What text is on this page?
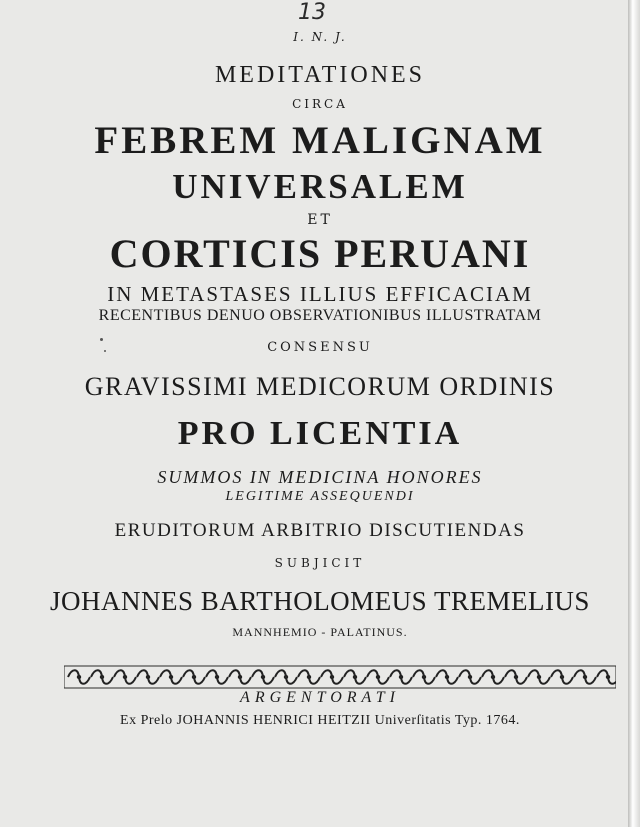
13
I. N. J.
MEDITATIONES
CIRCA
FEBREM MALIGNAM
UNIVERSALEM
ET
CORTICIS PERUANI
IN METASTASES ILLIUS EFFICACIAM
RECENTIBUS DENUO OBSERVATIONIBUS ILLUSTRATAM
CONSENSU
GRAVISSIMI MEDICORUM ORDINIS
PRO LICENTIA
SUMMOS IN MEDICINA HONORES
LEGITIME ASSEQUENDI
ERUDITORUM ARBITRIO DISCUTIENDAS
SUBJICIT
JOHANNES BARTHOLOMEUS TREMELIUS
MANNHEMIO - PALATINUS.
ARGENTORATI
Ex Prelo JOHANNIS HENRICI HEITZII Univerſitatis Typ. 1764.
